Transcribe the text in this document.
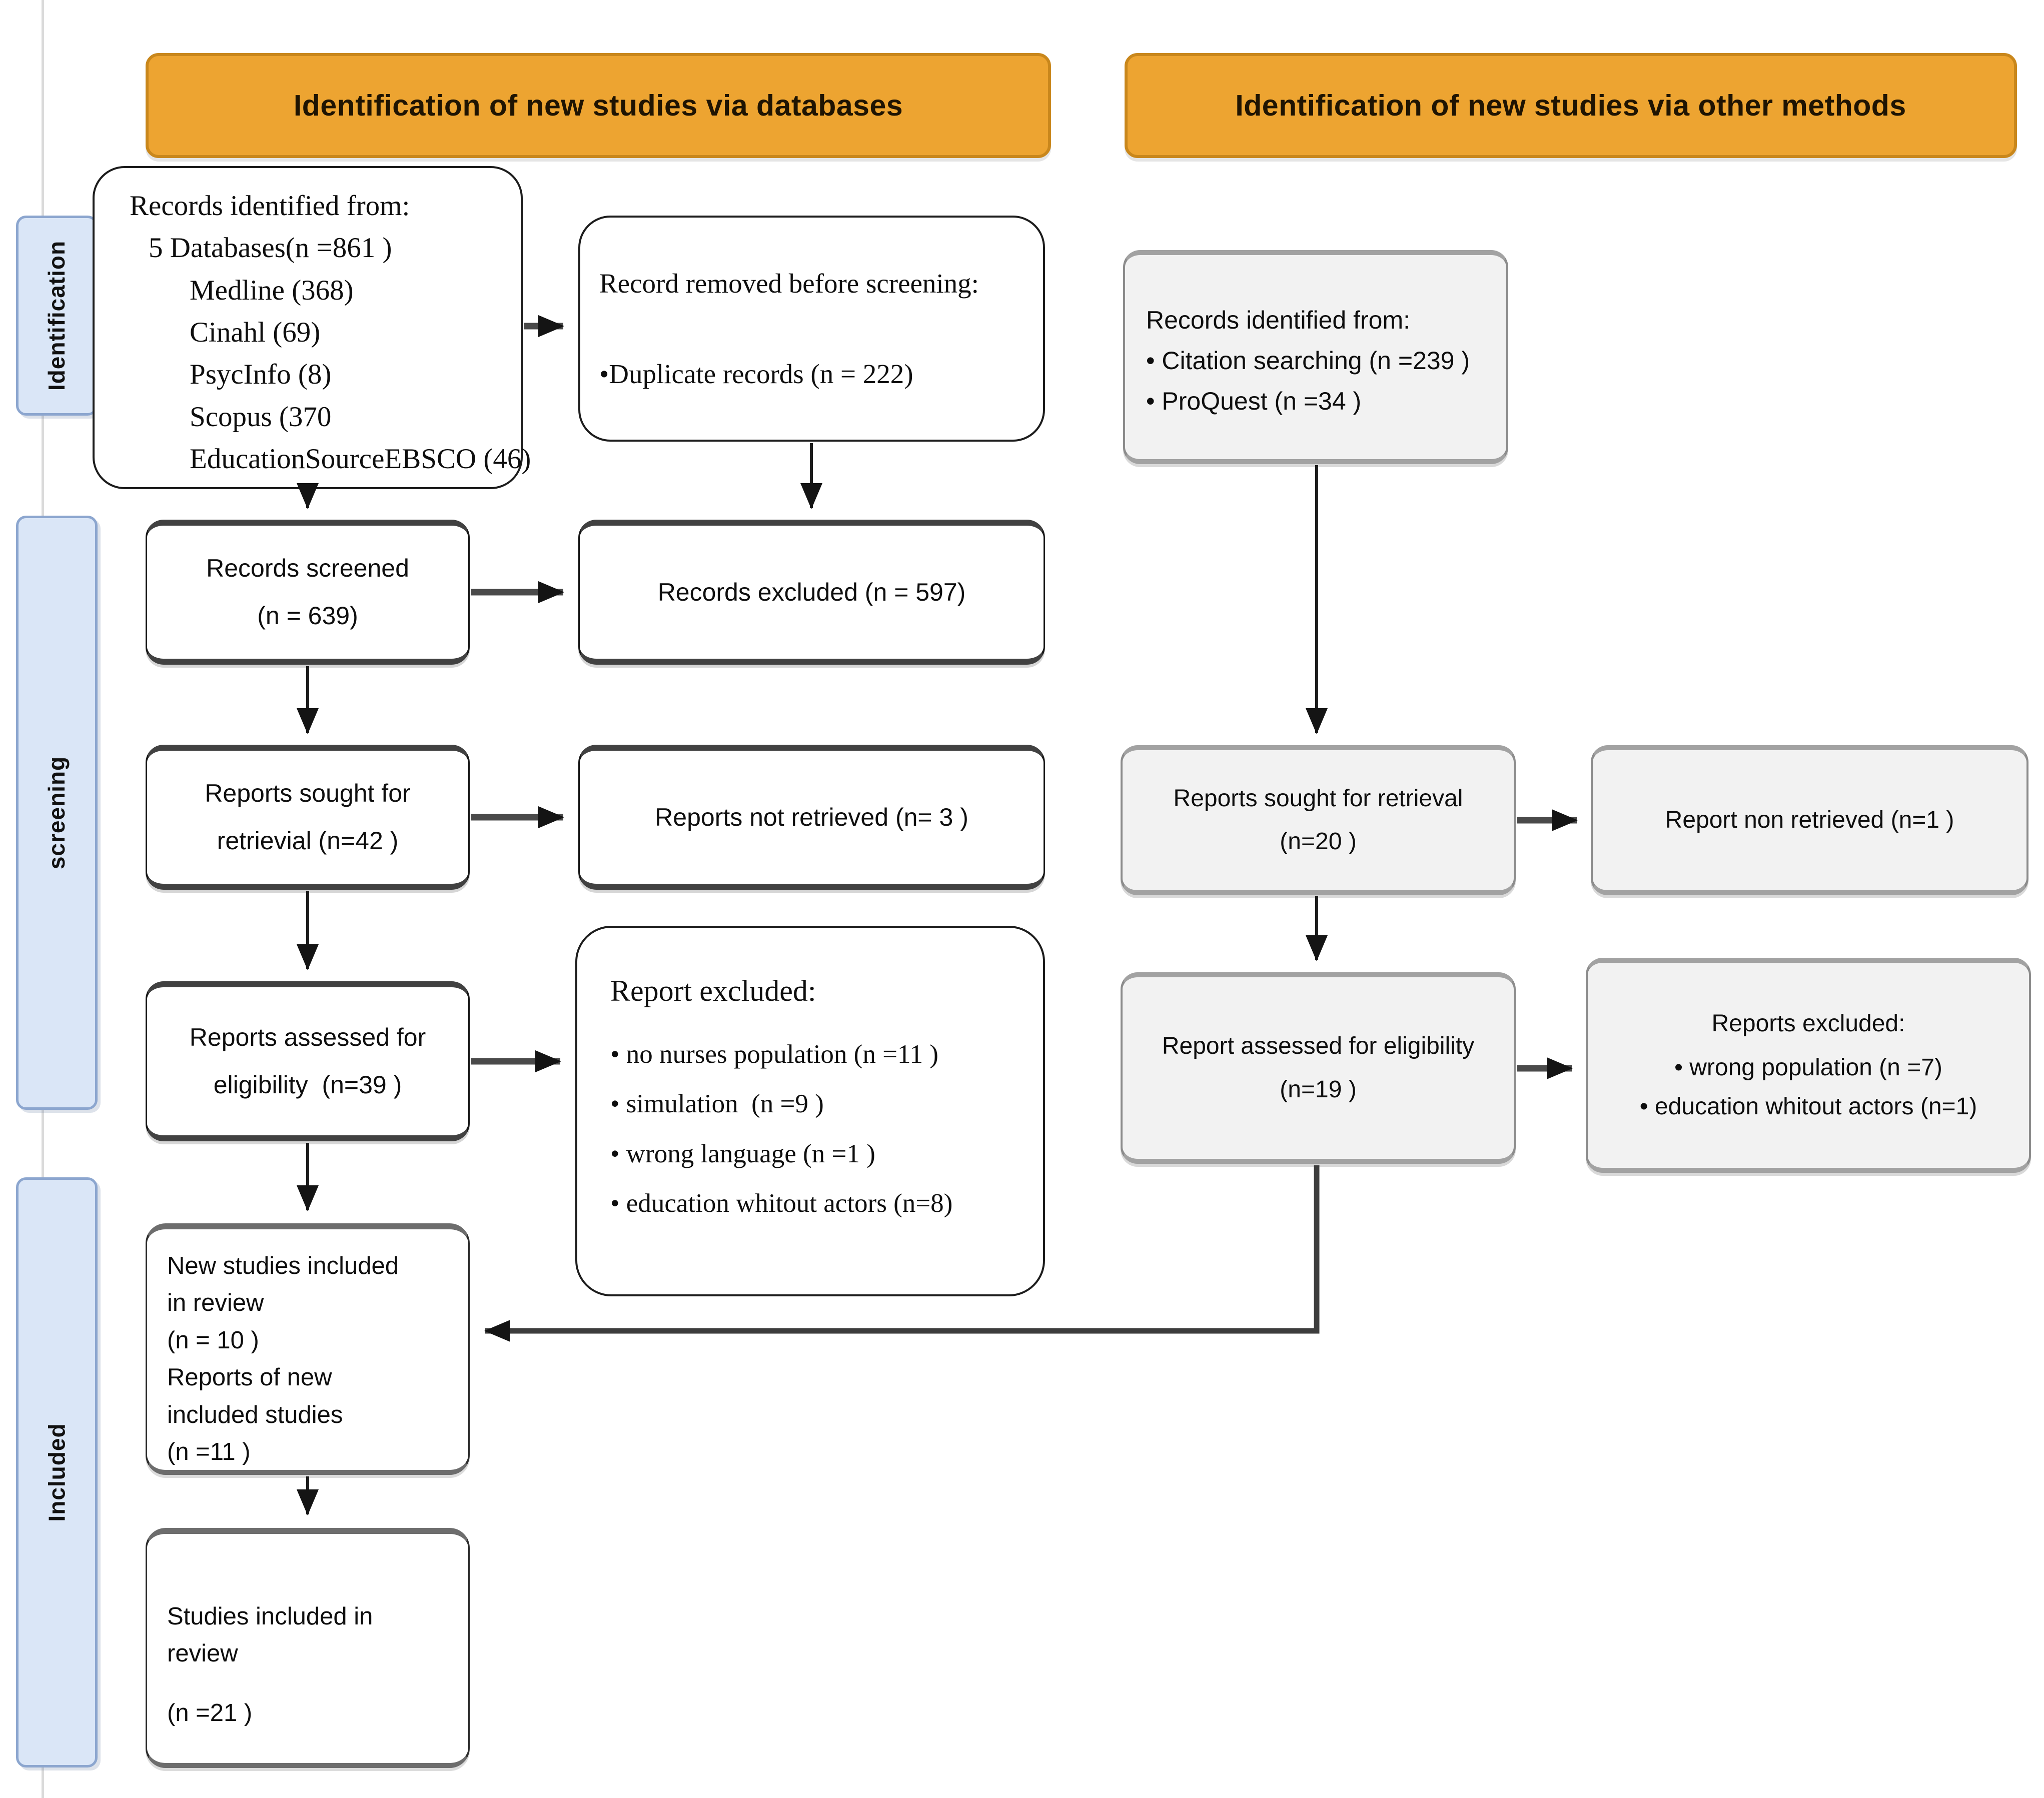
Identification of new studies via databases	Identification of new studies via other methods
Identification
screening
Included
Records identified from:
5 Databases(n =861 )
Medline (368)
Cinahl (69)
PsycInfo (8)
Scopus (370
EducationSourceEBSCO (46)
Record removed before screening:
•Duplicate records (n = 222)
Records identified from:
• Citation searching (n =239 )
• ProQuest (n =34 )
Records screened
(n = 639)
Records excluded (n = 597)
Reports sought for
retrievial (n=42 )
Reports not retrieved (n= 3 )
Reports sought for retrieval
(n=20 )
Report non retrieved (n=1 )
Reports assessed for
eligibility  (n=39 )
Report excluded:
• no nurses population (n =11 )
• simulation  (n =9 )
• wrong language (n =1 )
• education whitout actors (n=8)
Report assessed for eligibility
(n=19 )
Reports excluded:
• wrong population (n =7)
• education whitout actors (n=1)
New studies included
in review
(n = 10 )
Reports of new
included studies
(n =11 )
Studies included in
review
(n =21 )
